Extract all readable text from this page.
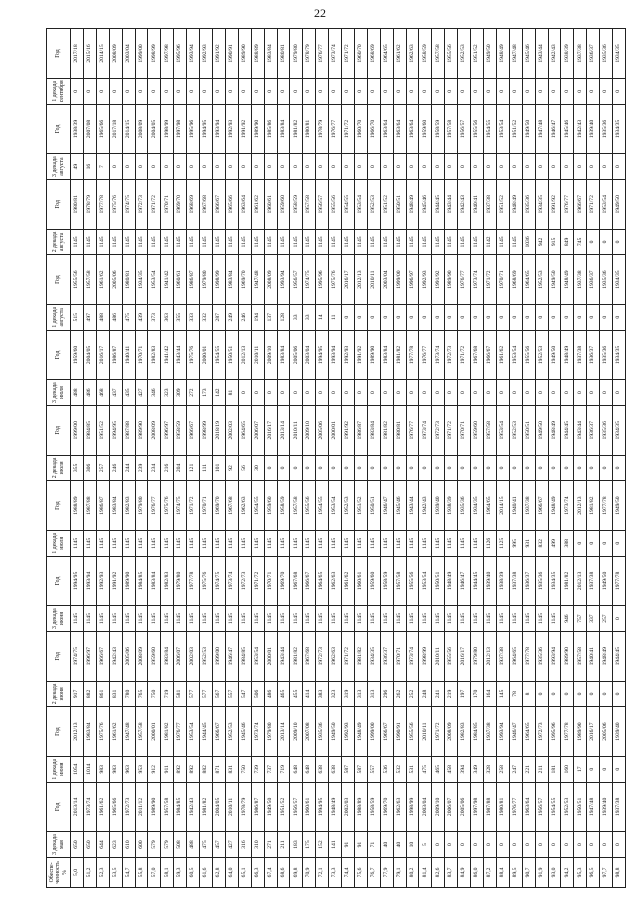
22
Обеспе-ченность %	3 декада мая	Год	1 декада июня	Год	2 декада июня	Год	3 декада июня	Год	1 декада июля	Год	2 декада июля	Год	3 декада июля	Год	1 декада августа	Год	2 декада августа	Год	3 декада августа	Год	1 декада сентября	Год
5,0	650	2013/14	1054	2012/13	917	1974/75	1145	1994/95	1145	1988/89	355	1999/00	488	1959/60	515	1955/56	1145	1980/81	49	1938/39	0	2017/18
51,2	650	1973/74	1014	1983/84	882	1996/97	1145	1993/94	1145	1987/88	306	1984/85	486	2004/05	497	1957/58	1145	1978/79	16	2007/08	0	2015/16
52,3	644	1961/62	983	1975/76	861	1966/67	1145	1992/93	1145	1986/87	257	1951/52	468	2016/17	488	1961/62	1145	1977/78	7	1965/66	0	2014/15
53,5	623	1965/66	983	1961/62	831	1942/43	1145	1991/92	1145	1983/84	246	1994/95	437	1986/87	486	2005/06	1145	1975/76	0	2017/18	0	2008/09
54,7	610	1972/73	963	1947/48	780	2005/06	1145	1989/90	1145	1982/83	244	1987/88	435	1940/41	475	1980/81	1145	1974/75	0	2014/15	0	2003/04
55,8	600	2011/12	953	1957/58	765	2008/09	1145	1984/85	1145	1979/80	239	1989/90	427	1970/71	439	1934/35	1145	1972/73	0	2008/09	0	1999/00
57,0	579	1989/90	912	2000/01	750	1959/60	1145	1983/84	1145	1976/77	234	2008/09	346	1982/83	373	1953/54	1145	1971/72	0	2004/05	0	1998/99
58,1	579	1957/58	911	1981/82	719	1983/84	1145	1982/83	1145	1975/76	216	1996/97	323	1941/42	363	1941/42	1145	1970/71	0	1998/99	0	1997/98
59,3	508	1984/85	892	1976/77	581	2006/07	1145	1979/80	1145	1974/75	204	1958/59	309	1943/44	355	1960/61	1145	1969/70	0	1997/98	0	1995/96
60,5	488	1942/43	892	1953/54	577	2002/03	1145	1977/78	1145	1971/72	121	1966/67	272	1975/76	333	1986/87	1145	1968/69	0	1995/96	0	1993/94
61,6	475	1981/82	882	1944/45	577	1952/53	1145	1975/76	1145	1970/71	111	1998/99	173	2000/01	332	1979/80	1145	1967/68	0	1994/95	0	1992/93
62,8	457	2004/05	871	1966/67	567	1999/00	1145	1974/75	1145	1969/70	101	2018/19	142	1954/55	287	1998/99	1145	1966/67	0	1993/94	0	1991/92
64,0	427	2010/11	831	1952/53	557	1946/47	1145	1973/74	1145	1967/68	92	2002/03	81	1950/51	249	1983/84	1145	1965/66	0	1992/93	0	1990/91
65,1	316	1978/79	750	1945/46	547	1984/85	1145	1972/73	1145	1962/63	56	1964/65	0	2012/13	246	1969/70	1145	1963/64	0	1991/92	0	1989/90
66,3	310	1986/87	739	1973/74	506	1953/54	1145	1971/72	1145	1954/55	30	2006/07	0	2010/11	194	1947/48	1145	1961/62	0	1989/90	0	1988/89
67,4	271	1949/50	737	1979/80	486	2000/01	1145	1970/71	1145	1959/60	0	2016/17	0	2009/10	137	2008/09	1145	1960/61	0	1985/86	0	1983/84
68,6	211	1951/52	719	2013/14	465	1943/44	1145	1969/70	1145	1958/59	0	2013/14	0	1983/84	128	1993/94	1145	1959/60	0	1983/84	0	1980/81
69,8	183	1956/57	648	2009/10	455	1981/82	1145	1967/68	1145	1957/58	0	2010/11	0	2005/06	33	1956/57	1145	1958/59	0	1981/82	0	1979/80
70,9	175	1960/61	648	2007/08	414	1967/68	1145	1966/67	1145	1955/56	0	2009/10	0	2003/04	33	1974/75	1145	1957/58	0	1980/81	0	1978/79
72,1	152	1994/95	638	1935/36	383	1972/73	1145	1964/65	1145	1954/55	0	2005/06	0	1994/95	14	1995/96	1145	1956/57	0	1978/79	0	1976/77
73,3	141	1948/49	638	1949/50	323	1962/63	1145	1962/63	1145	1953/54	0	2000/01	0	1993/94	11	1975/76	1145	1955/56	0	1976/77	0	1973/74
74,4	91	2002/03	587	1992/93	319	1971/72	1145	1961/62	1145	1952/53	0	1991/92	0	1992/93	0	2016/17	1145	1954/55	0	1971/72	0	1971/72
75,6	91	1988/89	587	1948/49	313	1981/82	1145	1960/61	1145	1951/52	0	1986/87	0	1991/92	0	2012/13	1145	1953/54	0	1960/70	0	1960/70
76,7	71	1958/59	557	1999/00	313	1934/35	1145	1959/60	1145	1950/51	0	1983/84	0	1989/90	0	2010/11	1145	1952/53	0	1966/70	0	1968/69
77,9	40	1969/70	536	1966/67	296	1936/37	1145	1958/59	1145	1946/47	0	1981/82	0	1983/84	0	2003/04	1145	1951/52	0	1963/64	0	1964/65
79,1	40	1962/63	532	1990/91	262	1970/71	1145	1957/58	1145	1945/46	0	1980/81	0	1981/82	0	1999/00	1145	1950/51	0	1963/64	0	1961/62
80,2	10	1998/99	531	1955/56	252	1973/74	1145	1955/56	1145	1943/44	0	1976/77	0	1977/78	0	1996/97	1145	1948/49	0	1963/64	0	1962/63
81,4	5	2003/04	475	2010/11	248	1998/99	1145	1953/54	1145	1942/43	0	1973/74	0	1976/77	0	1992/93	1145	1945/46	0	1959/60	0	1958/59
82,6	0	2009/10	465	1971/72	241	2010/11	1145	1950/51	1145	1939/40	0	1972/73	0	1973/74	0	1991/92	1145	1944/45	0	1958/59	0	1957/58
83,7	0	2006/07	458	2008/09	219	1955/56	1145	1948/49	1145	1938/39	0	1971/72	0	1972/73	0	1989/90	1145	1943/44	0	1957/58	0	1955/56
84,9	0	2005/06	394	1982/83	197	2016/17	1145	1946/47	1145	1935/36	0	1970/71	0	1971/72	0	1976/77	1145	1942/43	0	1956/57	0	1952/53
86,0	0	1997/98	349	1984/85	170	1979/80	1145	1944/45	1145	1934/35	0	1959/60	0	1967/68	0	1973/74	1145	1940/41	0	1955/56	0	1951/52
87,2	0	1987/88	328	1937/38	164	2012/13	1145	1939/40	1126	1964/65	0	1957/58	0	1966/67	0	1971/72	1142	1937/38	0	1954/55	0	1949/50
88,4	0	1980/81	258	1993/94	145	1937/38	1145	1938/39	1125	2014/15	0	1953/54	0	1961/62	0	1970/71	1145	1951/52	0	1953/54	0	1948/49
89,5	0	1976/77	247	1946/47	78	1964/65	1145	1937/38	995	1940/41	0	1952/53	0	1953/54	0	1968/69	1145	1948/49	0	1951/52	0	1947/48
90,7	0	1963/64	221	1964/65	8	1977/78	1145	1936/37	931	1937/38	0	1950/51	0	1955/56	0	1964/65	1036	1935/36	0	1949/50	0	1945/46
91,9	0	1956/57	211	1972/73	0	1935/36	1145	1935/36	832	1966/67	0	1949/50	0	1952/53	0	1952/53	942	1934/35	0	1947/48	0	1943/44
93,0	0	1954/55	181	1995/96	0	1993/94	1145	1934/35	499	1948/49	0	1948/49	0	1949/50	0	1949/50	915	1991/92	0	1946/47	0	1942/43
94,2	0	1952/53	160	1977/78	0	1989/90	946	1981/82	388	1973/74	0	1944/45	0	1948/49	0	1948/49	849	1976/77	0	1945/46	0	1938/39
95,3	0	1950/51	17	1989/90	0	1957/58	757	2012/13	0	2012/13	0	1943/44	0	1937/38	0	1937/38	745	1966/67	0	1942/43	0	1937/38
96,5	0	1947/48	0	2016/17	0	1940/41	337	1937/38	0	1981/82	0	1936/37	0	1936/37	0	1936/37	0	1971/72	0	1939/40	0	1936/37
97,7	0	1939/40	0	2005/06	0	1948/49	257	1949/50	0	1977/78	0	1935/36	0	1935/36	0	1935/36	0	1953/54	0	1935/36	0	1935/36
98,8	0	1937/38	0	1939/40	0	1944/45	0	1977/78	0	1949/50	0	1934/35	0	1934/35	0	1934/35	0	1949/50	0	1934/35	0	1934/35
